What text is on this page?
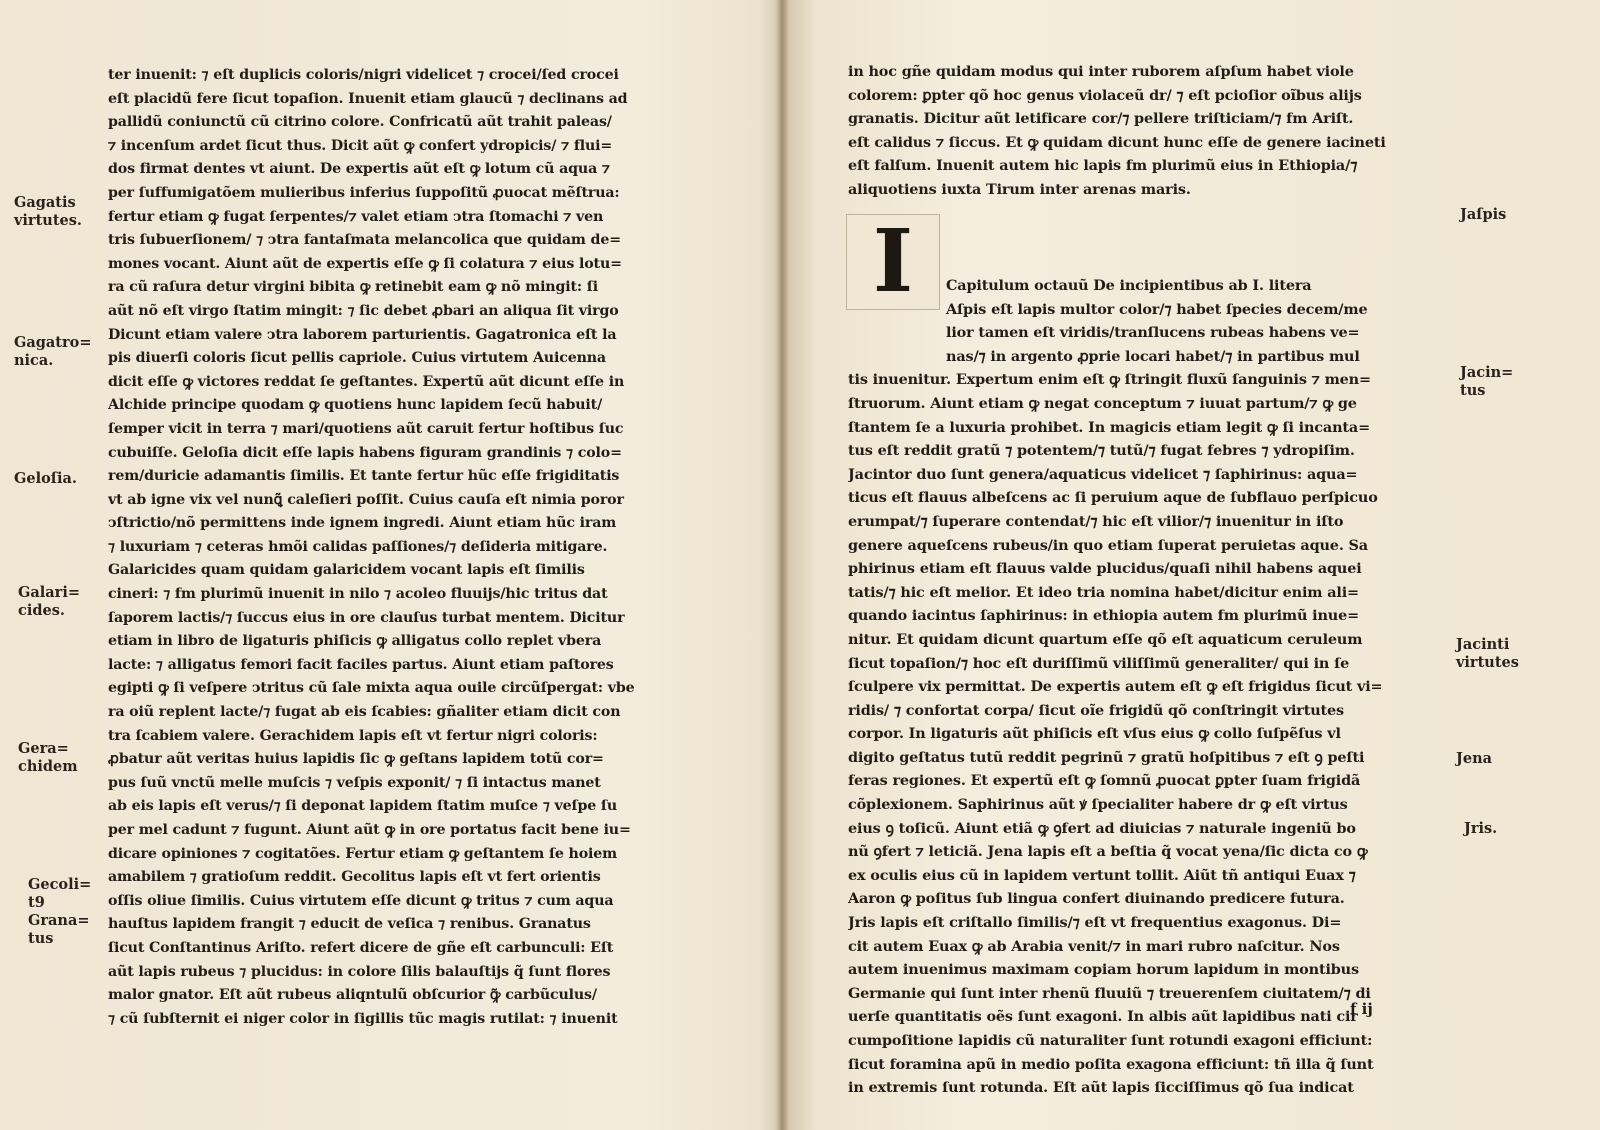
ter inuenit: ⁊ eſt duplicis coloris/nigri videlicet ⁊ crocei/ſed crocei
eſt placidũ fere ſicut topaſion. Inuenit etiam glaucũ ⁊ declinans ad
pallidũ coniunctũ cũ citrino colore. Confricatũ aũt trahit paleas/
⁊ incenſum ardet ſicut thus. Dicit aũt ꝙ confert ydropicis/ ⁊ flui=
dos firmat dentes vt aiunt. De expertis aũt eſt ꝙ lotum cũ aqua ⁊
per ſuffumigatõem mulieribus inferius ſuppoſitũ ꝓuocat mẽſtrua:
fertur etiam ꝙ fugat ſerpentes/⁊ valet etiam ↄtra ſtomachi ⁊ ven
tris ſubuerſionem/ ⁊ ↄtra fantaſmata melancolica que quidam de=
mones vocant. Aiunt aũt de expertis eſſe ꝙ ſi colatura ⁊ eius lotu=
ra cũ raſura detur virgini bibita ꝙ retinebit eam ꝙ nõ mingit: ſi
aũt nõ eſt virgo ſtatim mingit: ⁊ ſic debet ꝓbari an aliqua ſit virgo
Dicunt etiam valere ↄtra laborem parturientis. Gagatronica eſt la
pis diuerſi coloris ſicut pellis capriole. Cuius virtutem Auicenna
dicit eſſe ꝙ victores reddat ſe geſtantes. Expertũ aũt dicunt eſſe in
Alchide principe quodam ꝙ quotiens hunc lapidem ſecũ habuit/
ſemper vicit in terra ⁊ mari/quotiens aũt caruit fertur hoſtibus ſuc
cubuiſſe. Geloſia dicit eſſe lapis habens figuram grandinis ⁊ colo=
rem/duricie adamantis ſimilis. Et tante fertur hũc eſſe frigiditatis
vt ab igne vix vel nunꝗ̃ caleſieri poſſit. Cuius cauſa eſt nimia poror
ↄſtrictio/nõ permittens inde ignem ingredi. Aiunt etiam hũc iram
⁊ luxuriam ⁊ ceteras hmõi calidas paſſiones/⁊ deſideria mitigare.
Galaricides quam quidam galaricidem vocant lapis eſt ſimilis
cineri: ⁊ fm plurimũ inuenit in nilo ⁊ acoleo fluuijs/hic tritus dat
ſaporem lactis/⁊ ſuccus eius in ore clauſus turbat mentem. Dicitur
etiam in libro de ligaturis phiſicis ꝙ alligatus collo replet vbera
lacte: ⁊ alligatus femori facit faciles partus. Aiunt etiam paſtores
egipti ꝙ ſi veſpere ↄtritus cũ ſale mixta aqua ouile circũſpergat: vbe
ra oiũ replent lacte/⁊ fugat ab eis ſcabies: gñaliter etiam dicit con
tra ſcabiem valere. Gerachidem lapis eſt vt fertur nigri coloris:
ꝓbatur aũt veritas huius lapidis ſic ꝙ geſtans lapidem totũ cor=
pus ſuũ vnctũ melle muſcis ⁊ veſpis exponit/ ⁊ ſi intactus manet
ab eis lapis eſt verus/⁊ ſi deponat lapidem ſtatim muſce ⁊ veſpe ſu
per mel cadunt ⁊ fugunt. Aiunt aũt ꝙ in ore portatus facit bene iu=
dicare opiniones ⁊ cogitatões. Fertur etiam ꝙ geſtantem ſe hoiem
amabilem ⁊ gratioſum reddit. Gecolitus lapis eſt vt fert orientis
oſſis oliue ſimilis. Cuius virtutem eſſe dicunt ꝙ tritus ⁊ cum aqua
hauſtus lapidem frangit ⁊ educit de veſica ⁊ renibus. Granatus
ſicut Conſtantinus Ariſto. refert dicere de gñe eſt carbunculi: Eſt
aũt lapis rubeus ⁊ plucidus: in colore ſilis balauſtijs q̃ ſunt flores
malor gnator. Eſt aũt rubeus aliqntulũ obſcurior ꝙ̃ carbũculus/
⁊ cũ ſubſternit ei niger color in ſigillis tũc magis rutilat: ⁊ inuenit
Gagatis
virtutes.
Gagatro=
nica.
Geloſia.
Galari=
cides.
Gera=
chidem
Gecoli=
t9
Grana=
tus
in hoc gñe quidam modus qui inter ruborem aſpſum habet viole
colorem: ꝑpter qõ hoc genus violaceũ dr/ ⁊ eſt pcioſior oĩbus alijs
granatis. Dicitur aũt letificare cor/⁊ pellere triſticiam/⁊ fm Ariſt.
eſt calidus ⁊ ſiccus. Et ꝙ quidam dicunt hunc eſſe de genere iacineti
eſt falſum. Inuenit autem hic lapis fm plurimũ eius in Ethiopia/⁊
aliquotiens iuxta Tirum inter arenas maris.
I	Capitulum octauũ De incipientibus ab I. litera
Aſpis eſt lapis multor color/⁊ habet ſpecies decem/me
lior tamen eſt viridis/tranſlucens rubeas habens ve=
nas/⁊ in argento ꝓprie locari habet/⁊ in partibus mul
tis inuenitur. Expertum enim eſt ꝙ ſtringit fluxũ ſanguinis ⁊ men=
ſtruorum. Aiunt etiam ꝙ negat conceptum ⁊ iuuat partum/⁊ ꝙ ge
ſtantem ſe a luxuria prohibet. In magicis etiam legit ꝙ ſi incanta=
tus eſt reddit gratũ ⁊ potentem/⁊ tutũ/⁊ fugat febres ⁊ ydropiſim.
Jacintor duo ſunt genera/aquaticus videlicet ⁊ ſaphirinus: aqua=
ticus eſt flauus albeſcens ac ſi peruium aque de ſubflauo perſpicuo
erumpat/⁊ ſuperare contendat/⁊ hic eſt vilior/⁊ inuenitur in iſto
genere aqueſcens rubeus/in quo etiam ſuperat peruietas aque. Sa
phirinus etiam eſt flauus valde plucidus/quaſi nihil habens aquei
tatis/⁊ hic eſt melior. Et ideo tria nomina habet/dicitur enim ali=
quando iacintus ſaphirinus: in ethiopia autem fm plurimũ inue=
nitur. Et quidam dicunt quartum eſſe qõ eſt aquaticum ceruleum
ſicut topaſion/⁊ hoc eſt duriſſimũ viliſſimũ generaliter/ qui in ſe
ſculpere vix permittat. De expertis autem eſt ꝙ eſt frigidus ſicut vi=
ridis/ ⁊ confortat corpa/ ſicut oĩe frigidũ qõ conſtringit virtutes
corpor. In ligaturis aũt phiſicis eſt vſus eius ꝙ collo ſuſpẽſus vl
digito geſtatus tutũ reddit pegrinũ ⁊ gratũ hoſpitibus ⁊ eſt ꝯ peſti
feras regiones. Et expertũ eſt ꝙ ſomnũ ꝓuocat ꝑpter ſuam frigidã
cõplexionem. Saphirinus aũt ꝟ ſpecialiter habere dr ꝙ eſt virtus
eius ꝯ toſicũ. Aiunt etiã ꝙ ꝯfert ad diuicias ⁊ naturale ingeniũ bo
nũ ꝯfert ⁊ leticiã. Jena lapis eſt a beſtia q̃ vocat yena/ſic dicta co ꝙ
ex oculis eius cũ in lapidem vertunt tollit. Aiũt tñ antiqui Euax ⁊
Aaron ꝙ poſitus ſub lingua confert diuinando predicere futura.
Jris lapis eſt criſtallo ſimilis/⁊ eſt vt frequentius exagonus. Di=
cit autem Euax ꝙ ab Arabia venit/⁊ in mari rubro naſcitur. Nos
autem inuenimus maximam copiam horum lapidum in montibus
Germanie qui ſunt inter rhenũ fluuiũ ⁊ treuerenſem ciuitatem/⁊ di
uerſe quantitatis oẽs ſunt exagoni. In albis aũt lapidibus nati cir
cumpoſitione lapidis cũ naturaliter ſunt rotundi exagoni efficiunt:
ſicut foramina apũ in medio poſita exagona efficiunt: tñ illa q̃ ſunt
in extremis ſunt rotunda. Eſt aũt lapis ſicciſſimus qõ ſua indicat
Jaſpis
Jacin=
tus
Jacinti
virtutes
Jena
Jris.
f ij
